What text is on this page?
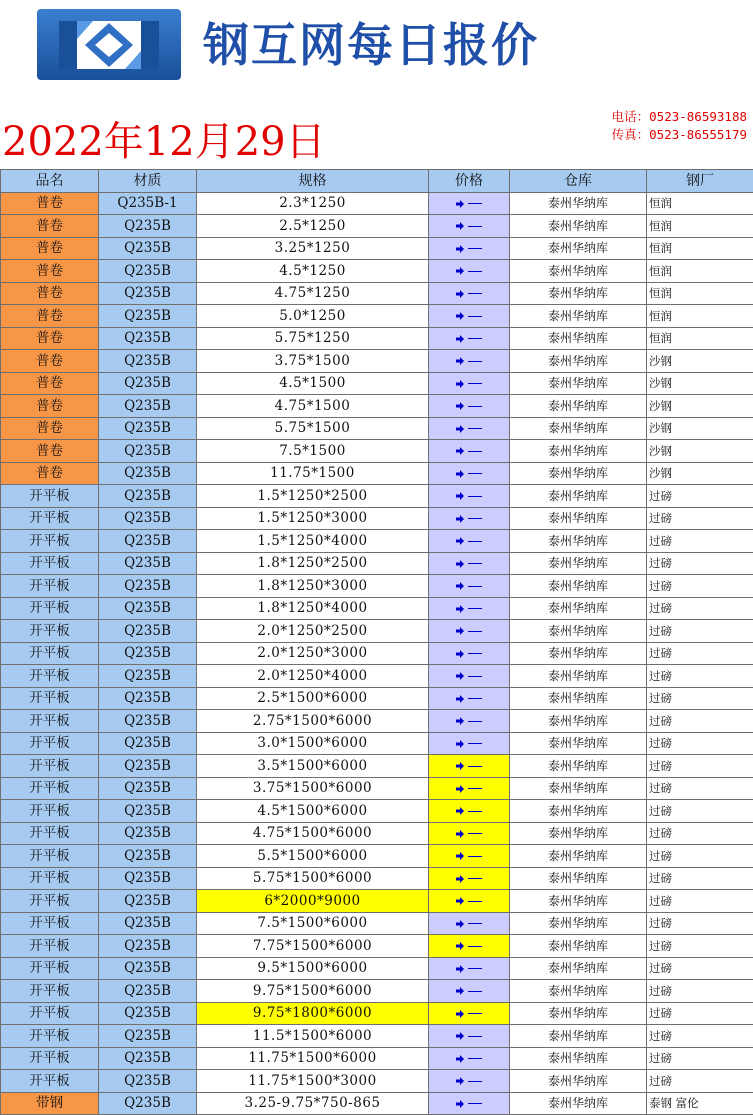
钢互网每日报价
电话：0523-86593188
传真：0523-86555179
2022年12月29日
品名	材质	规格	价格	仓库	钢厂
普卷	Q235B-1	2.3*1250		泰州华纳库	恒润
普卷	Q235B	2.5*1250		泰州华纳库	恒润
普卷	Q235B	3.25*1250		泰州华纳库	恒润
普卷	Q235B	4.5*1250		泰州华纳库	恒润
普卷	Q235B	4.75*1250		泰州华纳库	恒润
普卷	Q235B	5.0*1250		泰州华纳库	恒润
普卷	Q235B	5.75*1250		泰州华纳库	恒润
普卷	Q235B	3.75*1500		泰州华纳库	沙钢
普卷	Q235B	4.5*1500		泰州华纳库	沙钢
普卷	Q235B	4.75*1500		泰州华纳库	沙钢
普卷	Q235B	5.75*1500		泰州华纳库	沙钢
普卷	Q235B	7.5*1500		泰州华纳库	沙钢
普卷	Q235B	11.75*1500		泰州华纳库	沙钢
开平板	Q235B	1.5*1250*2500		泰州华纳库	过磅
开平板	Q235B	1.5*1250*3000		泰州华纳库	过磅
开平板	Q235B	1.5*1250*4000		泰州华纳库	过磅
开平板	Q235B	1.8*1250*2500		泰州华纳库	过磅
开平板	Q235B	1.8*1250*3000		泰州华纳库	过磅
开平板	Q235B	1.8*1250*4000		泰州华纳库	过磅
开平板	Q235B	2.0*1250*2500		泰州华纳库	过磅
开平板	Q235B	2.0*1250*3000		泰州华纳库	过磅
开平板	Q235B	2.0*1250*4000		泰州华纳库	过磅
开平板	Q235B	2.5*1500*6000		泰州华纳库	过磅
开平板	Q235B	2.75*1500*6000		泰州华纳库	过磅
开平板	Q235B	3.0*1500*6000		泰州华纳库	过磅
开平板	Q235B	3.5*1500*6000		泰州华纳库	过磅
开平板	Q235B	3.75*1500*6000		泰州华纳库	过磅
开平板	Q235B	4.5*1500*6000		泰州华纳库	过磅
开平板	Q235B	4.75*1500*6000		泰州华纳库	过磅
开平板	Q235B	5.5*1500*6000		泰州华纳库	过磅
开平板	Q235B	5.75*1500*6000		泰州华纳库	过磅
开平板	Q235B	6*2000*9000		泰州华纳库	过磅
开平板	Q235B	7.5*1500*6000		泰州华纳库	过磅
开平板	Q235B	7.75*1500*6000		泰州华纳库	过磅
开平板	Q235B	9.5*1500*6000		泰州华纳库	过磅
开平板	Q235B	9.75*1500*6000		泰州华纳库	过磅
开平板	Q235B	9.75*1800*6000		泰州华纳库	过磅
开平板	Q235B	11.5*1500*6000		泰州华纳库	过磅
开平板	Q235B	11.75*1500*6000		泰州华纳库	过磅
开平板	Q235B	11.75*1500*3000		泰州华纳库	过磅
带钢	Q235B	3.25-9.75*750-865		泰州华纳库	泰钢 富伦
